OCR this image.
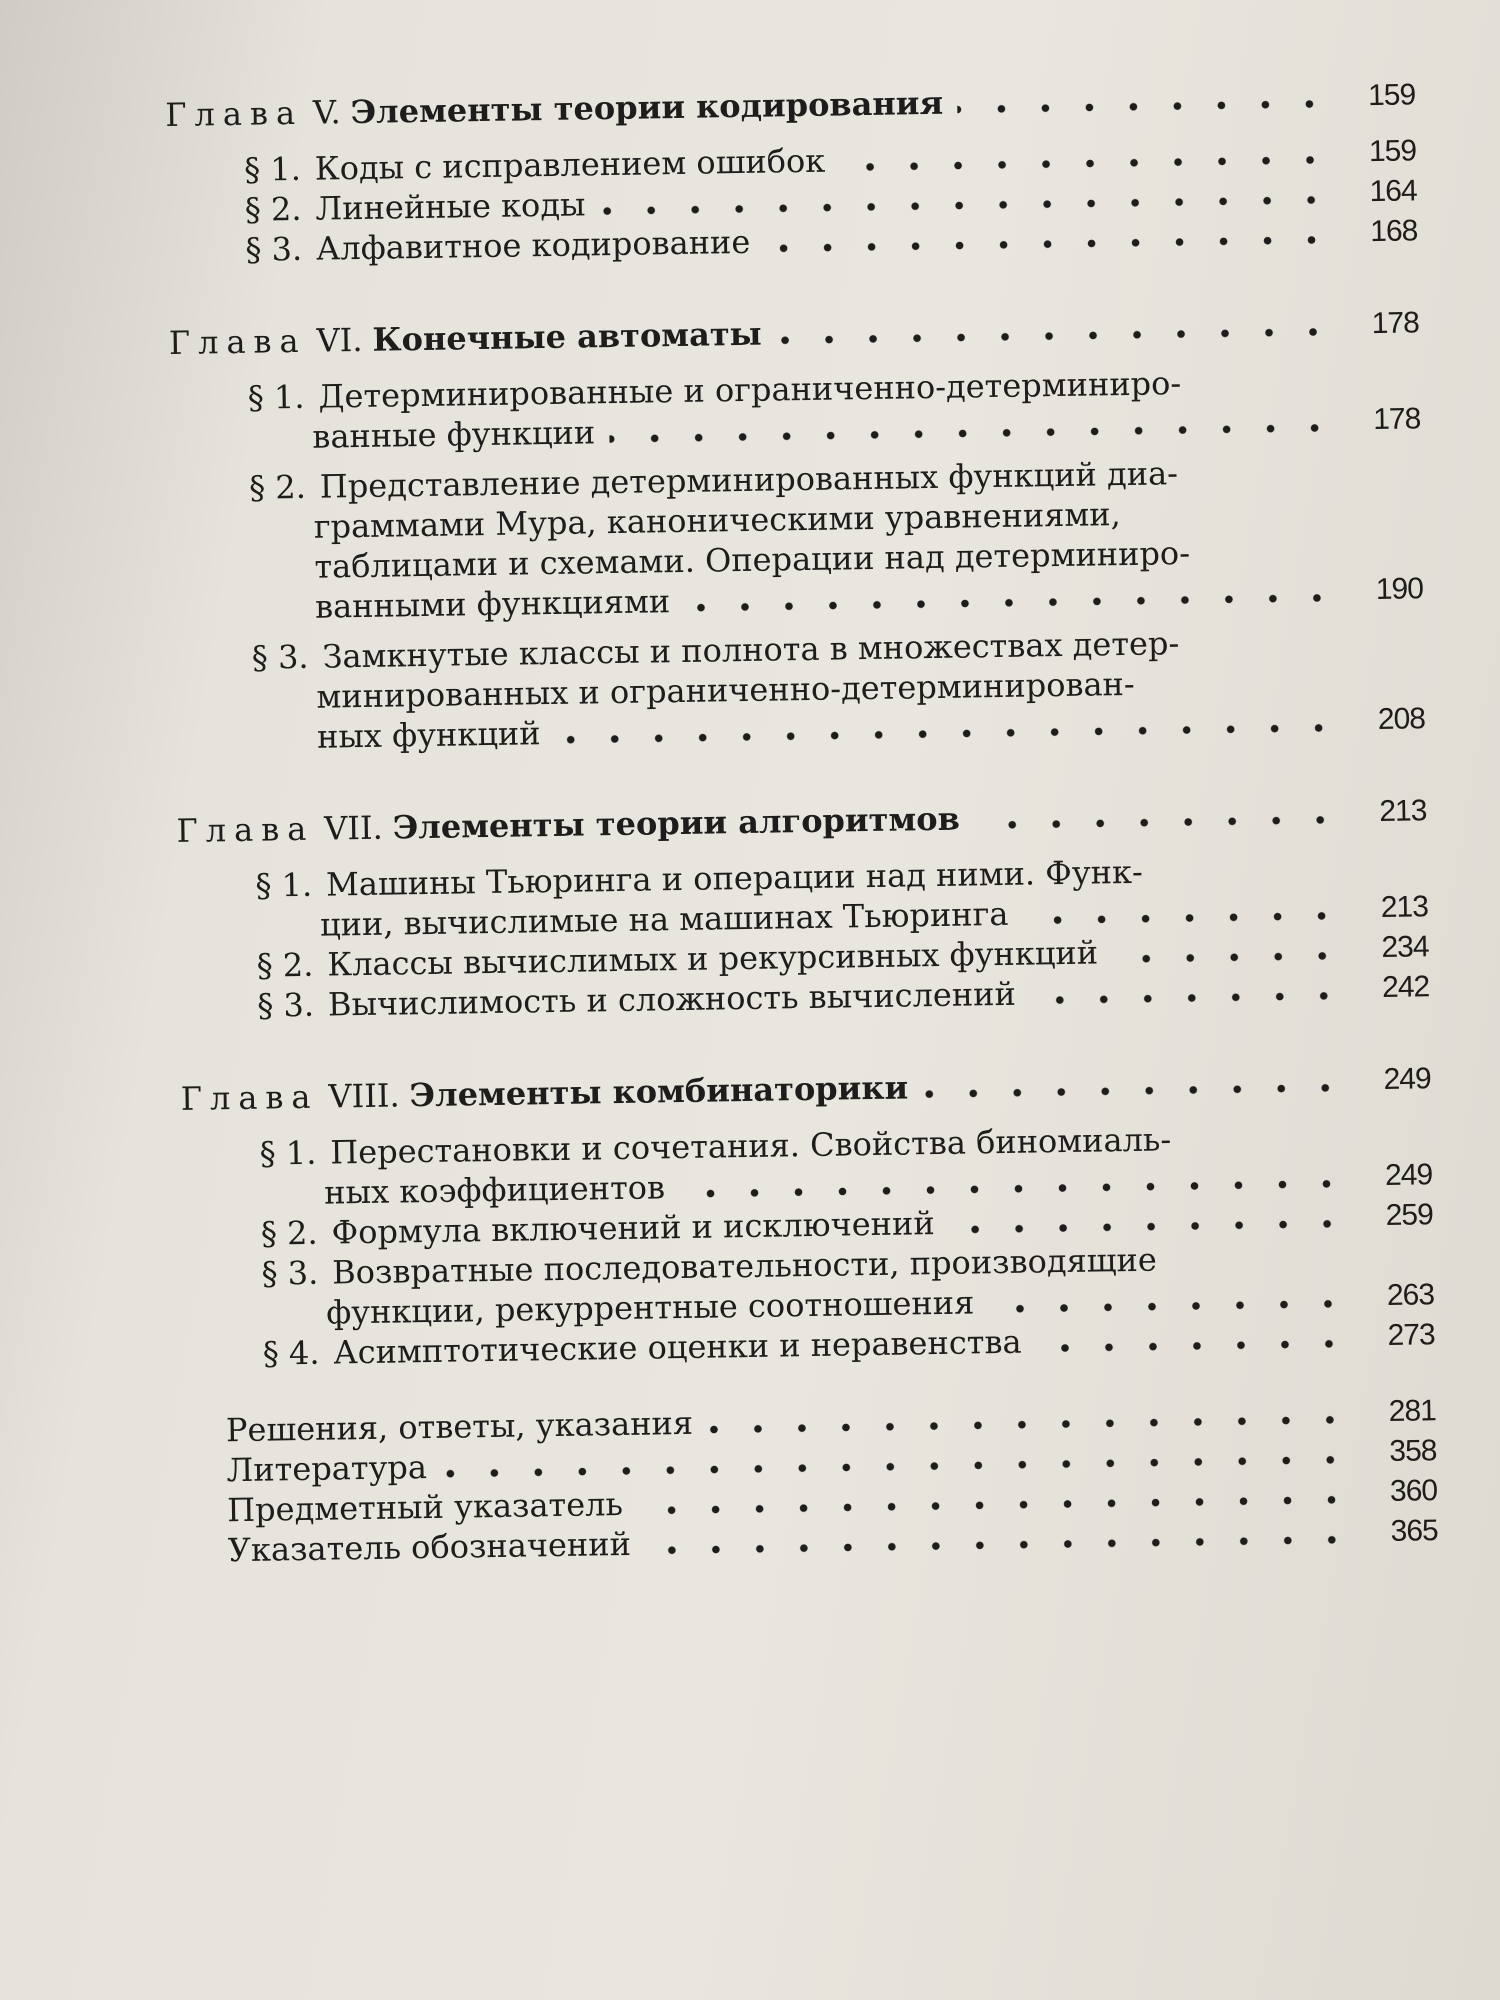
Глава V. Элементы теории кодирования	159
§ 1. Коды с исправлением ошибок	159
§ 2. Линейные коды	164
§ 3. Алфавитное кодирование	168
Глава VI. Конечные автоматы	178
§ 1. Детерминированные и ограниченно-детерминиро-
ванные функции	178
§ 2. Представление детерминированных функций диа-
граммами Мура, каноническими уравнениями,
таблицами и схемами. Операции над детерминиро-
ванными функциями	190
§ 3. Замкнутые классы и полнота в множествах детер-
минированных и ограниченно-детерминирован-
ных функций	208
Глава VII. Элементы теории алгоритмов	213
§ 1. Машины Тьюринга и операции над ними. Функ-
ции, вычислимые на машинах Тьюринга	213
§ 2. Классы вычислимых и рекурсивных функций	234
§ 3. Вычислимость и сложность вычислений	242
Глава VIII. Элементы комбинаторики	249
§ 1. Перестановки и сочетания. Свойства биномиаль-
ных коэффициентов	249
§ 2. Формула включений и исключений	259
§ 3. Возвратные последовательности, производящие
функции, рекуррентные соотношения	263
§ 4. Асимптотические оценки и неравенства	273
Решения, ответы, указания	281
Литература	358
Предметный указатель	360
Указатель обозначений	365
